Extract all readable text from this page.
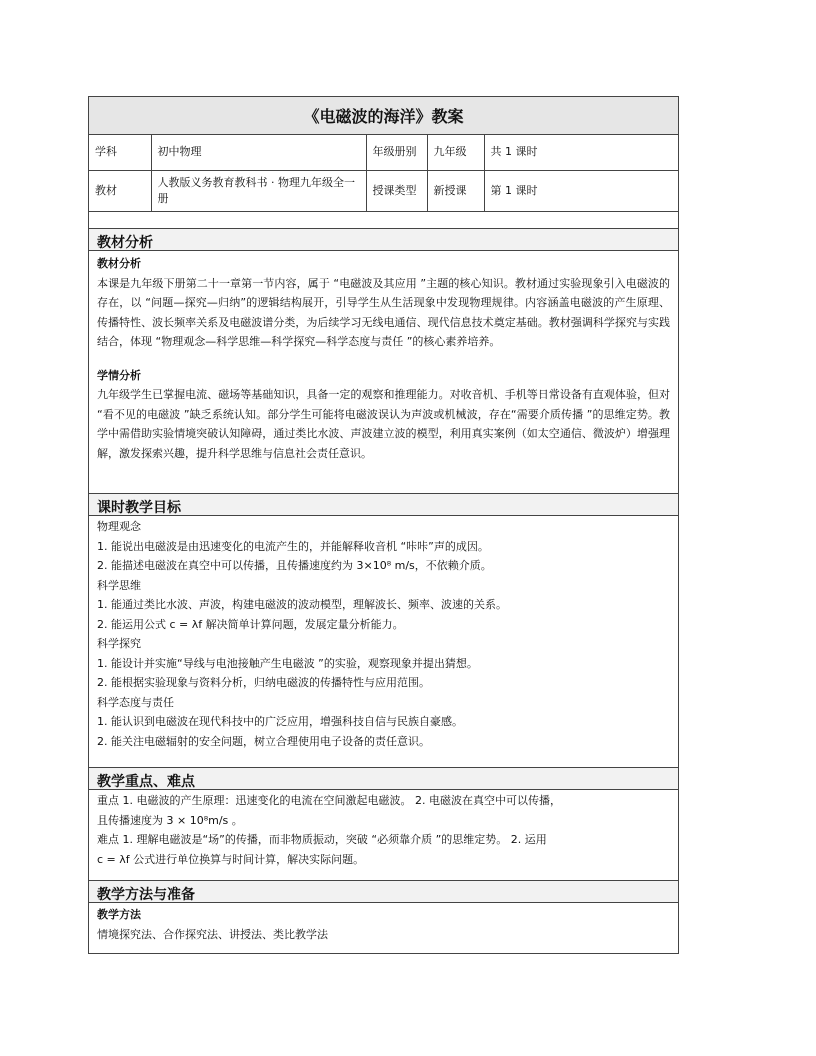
《电磁波的海洋》教案
学科	初中物理	年级册别	九年级	共 1 课时
教材	人教版义务教育教科书 · 物理九年级全一册	授课类型	新授课	第 1 课时
教材分析
教材分析
本课是九年级下册第二十一章第一节内容，属于 “电磁波及其应用 ”主题的核心知识。教材通过实验现象引入电磁波的存在，以 “问题—探究—归纳”的逻辑结构展开，引导学生从生活现象中发现物理规律。内容涵盖电磁波的产生原理、传播特性、波长频率关系及电磁波谱分类，为后续学习无线电通信、现代信息技术奠定基础。教材强调科学探究与实践结合，体现 “物理观念—科学思维—科学探究—科学态度与责任 ”的核心素养培养。
学情分析
九年级学生已掌握电流、磁场等基础知识，具备一定的观察和推理能力。对收音机、手机等日常设备有直观体验，但对 “看不见的电磁波 ”缺乏系统认知。部分学生可能将电磁波误认为声波或机械波，存在“需要介质传播 ”的思维定势。教学中需借助实验情境突破认知障碍，通过类比水波、声波建立波的模型，利用真实案例（如太空通信、微波炉）增强理解，激发探索兴趣，提升科学思维与信息社会责任意识。
课时教学目标
物理观念
1. 能说出电磁波是由迅速变化的电流产生的，并能解释收音机 “咔咔”声的成因。
2. 能描述电磁波在真空中可以传播，且传播速度约为 3×10⁸ m/s，不依赖介质。
科学思维
1. 能通过类比水波、声波，构建电磁波的波动模型，理解波长、频率、波速的关系。
2. 能运用公式 c = λf 解决简单计算问题，发展定量分析能力。
科学探究
1. 能设计并实施“导线与电池接触产生电磁波 ”的实验，观察现象并提出猜想。
2. 能根据实验现象与资料分析，归纳电磁波的传播特性与应用范围。
科学态度与责任
1. 能认识到电磁波在现代科技中的广泛应用，增强科技自信与民族自豪感。
2. 能关注电磁辐射的安全问题，树立合理使用电子设备的责任意识。
教学重点、难点
重点 1. 电磁波的产生原理：迅速变化的电流在空间激起电磁波。 2. 电磁波在真空中可以传播，
且传播速度为 3 × 10⁸m/s 。
难点 1. 理解电磁波是“场”的传播，而非物质振动，突破 “必须靠介质 ”的思维定势。 2. 运用
c = λf 公式进行单位换算与时间计算，解决实际问题。
教学方法与准备
教学方法
情境探究法、合作探究法、讲授法、类比教学法
